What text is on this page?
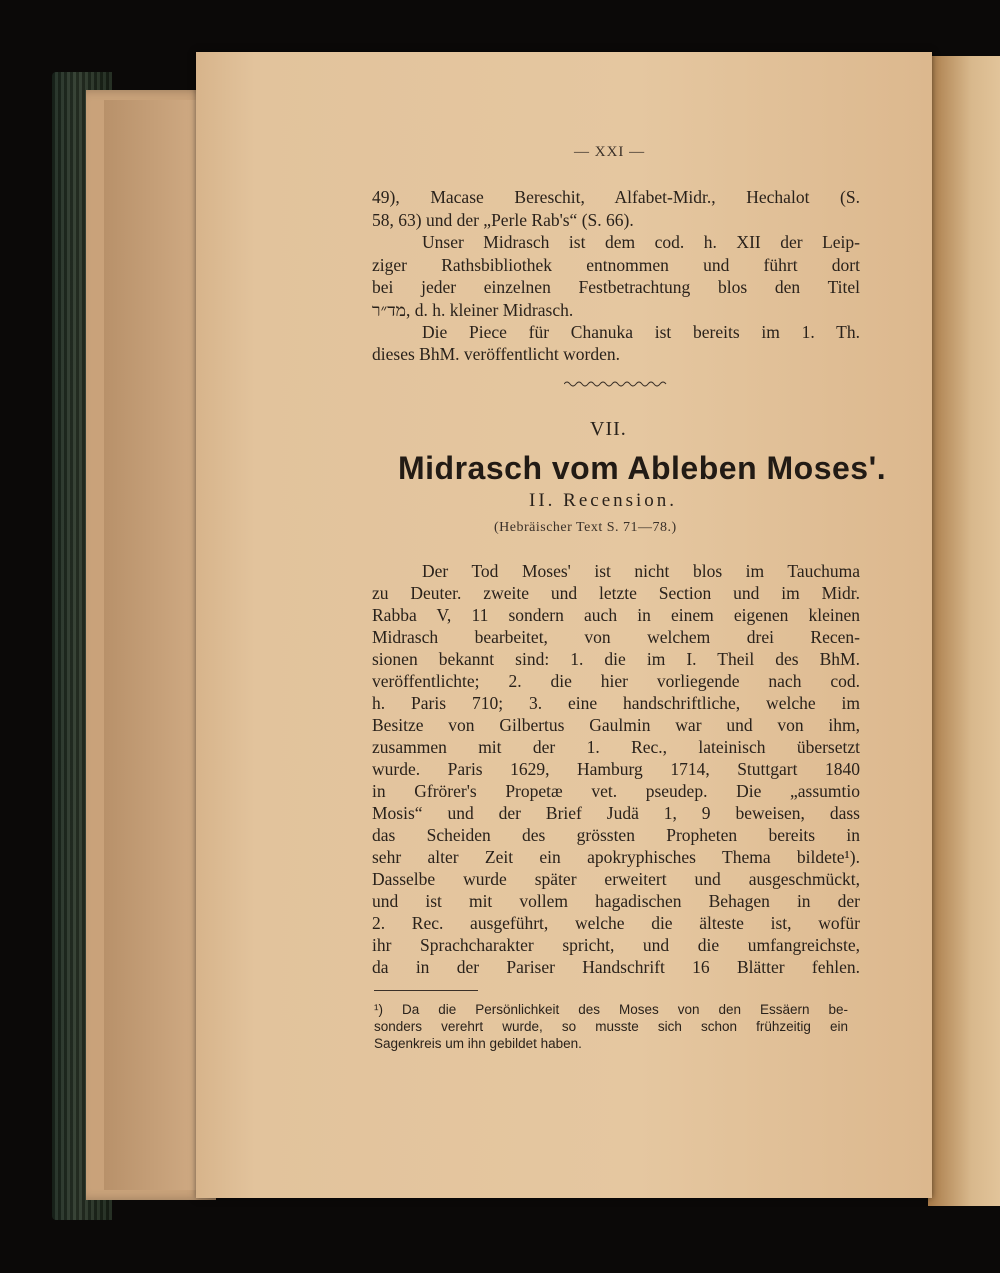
— XXI —
49), Macase Bereschit, Alfabet-Midr., Hechalot (S.
58, 63) und der „Perle Rab's“ (S. 66).
Unser Midrasch ist dem cod. h. XII der Leip-
ziger Rathsbibliothek entnommen und führt dort
bei jeder einzelnen Festbetrachtung blos den Titel
מד״ר, d. h. kleiner Midrasch.
Die Piece für Chanuka ist bereits im 1. Th.
dieses BhM. veröffentlicht worden.
VII.
Midrasch vom Ableben Moses'.
II. Recension.
(Hebräischer Text S. 71—78.)
Der Tod Moses' ist nicht blos im Tauchuma
zu Deuter. zweite und letzte Section und im Midr.
Rabba V, 11 sondern auch in einem eigenen kleinen
Midrasch bearbeitet, von welchem drei Recen-
sionen bekannt sind: 1. die im I. Theil des BhM.
veröffentlichte; 2. die hier vorliegende nach cod.
h. Paris 710; 3. eine handschriftliche, welche im
Besitze von Gilbertus Gaulmin war und von ihm,
zusammen mit der 1. Rec., lateinisch übersetzt
wurde. Paris 1629, Hamburg 1714, Stuttgart 1840
in Gfrörer's Propetæ vet. pseudep. Die „assumtio
Mosis“ und der Brief Judä 1, 9 beweisen, dass
das Scheiden des grössten Propheten bereits in
sehr alter Zeit ein apokryphisches Thema bildete¹).
Dasselbe wurde später erweitert und ausgeschmückt,
und ist mit vollem hagadischen Behagen in der
2. Rec. ausgeführt, welche die älteste ist, wofür
ihr Sprachcharakter spricht, und die umfangreichste,
da in der Pariser Handschrift 16 Blätter fehlen.
¹) Da die Persönlichkeit des Moses von den Essäern be-
sonders verehrt wurde, so musste sich schon frühzeitig ein
Sagenkreis um ihn gebildet haben.
